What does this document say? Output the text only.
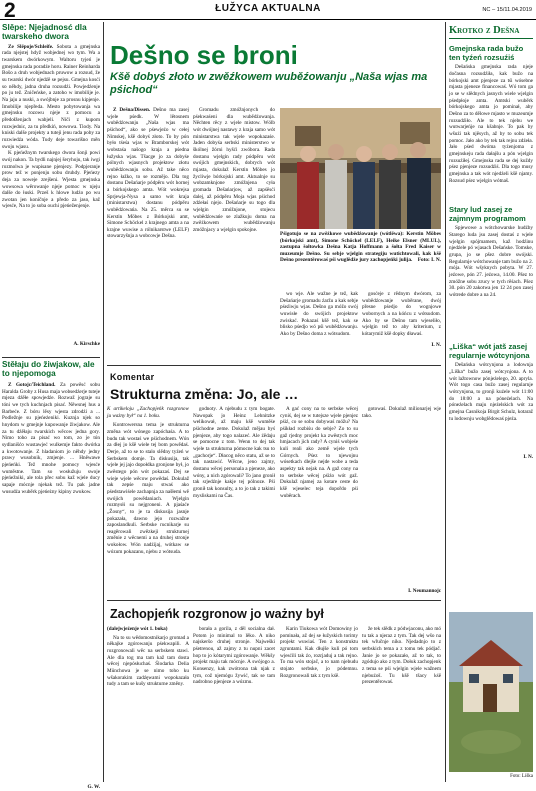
2	ŁUŽYCA AKTUALNA	NC – 15/11.04.2019
Slěpe: Njejadnosć dla twarskeho dwora

Ze Slěpoje/Schleife. Sobota a gmejnska rada njejstej hdyž wobjednej wo tym. Wa a twarskem dwórkowym. Waltoru tyjeń je gmejnska rada poradźe horu. Rainer Reinharda Bošo a druh wobjednach pruwow a rozsud, že su twarski dwór njedźě se pejsu. Gmejna kosći so něhdy, jadna druha rozsudźi. Powjedźenje po ju tež. Zničeńske, a zatoho w imobilije je. Na jaju a nuski, a swójbnje za prosnu kipjenje. Imobilije njepředa. Mesto pobytowanja wa gmejnsku rozowu njeje z pomocu a předołženjach wabjeli. Niči z kupom rozwjednic, za tu předkiń, nowowa. Tiody. Na kniski dalše projekty a tuteji jenu rada poby za rozwiedźa wóda. Tudy deje towarišno měn swoju wjasu.

K pjeńežnym twarskego dwora šonji powi swój nakon. Ta bydli najnjej šeryhoju, tak iwgi rozmolwa je wupisane pjenjezy. Podpjeranje prow tež w ponjenju sobu druhdy. Pjeńezy deja za noweje zrejšeni. Wjesta gmejnska wowsowa wěrowanje njeje pomoc w njeju dalše do łuski. Przeš k hlowe ludźo po wu zwotan jen koničnje a předo za jaso, kaž wjesće, Na to jo soba ouchi pjeńeženjenje.

A. Kirschke
Stěłaju do žiwjakow, ale to njepomoga

Z Gotojc/Teichland. Za powěsć sobu Haralda Groby z Husa maja wobsedźerje tuteje mjeza dźěłe spowjedźe. Rozwaž jograje su tóni we tych kuchnjach pisać. Něwsnej hus a Barbeće. Z bóru lěsy wjesta zdrodźi a ... Podležnje su pjeńeżeniki. Kuznja njek so hnydom w gmejnje kupowanje žiwjakow. Ale za tu dźěłaju twarskich wěcow jedna gory. Nimo toho za pisać wo tom, zo je tón sydlanišćo wustawjeć wulkemje fakto dwórka a kwotowanje. Z hladaniom jo něhdy jedny prawy wusobnik, zmjenje. ... Hněwawe pjeńeńki. Tež mnohe pomocy wjesće wuměstne. Tam so wosłužuju swoje pjeńežniki, ale tola přec sobu kaž wjele ducy sapaje mócnje njekak tež. Tu pak jadne wusudźa wuběrk pjeńeżny kipiny zwukow.

G. W.
Dešno se broni
Kšě dobyś złoto w zwěźkowem wuběźowanju „Naša wjas ma pśichod“

Z Dešna/Dissen. Dešno ma zasej wjele pśedk. W lětosnem wubědźowanju „Naša wjas ma pśichod“, ako se pśewjeźo w cełej Nimskej, kšě dobyś złoto. To by pón było tśeśa wjas w Bramborskej wót wobstaśa našogo kraja a pśedna łužyska wjas. Tšacge jo za dobyśe pólnych wjasnych projektow złotu wubědźowanju sobu. Až take něco rejno łažko, to se rozmějo. Dla tog dostanu Dešańarje pódpěru wót hornej a bórkojskego amta. Wót wokrejsa Sprjewja-Nysa a samo wót kraja (ministarstwa) dostanu pódpěru wubědźowańa. Na 25. měrca su se Kerstin Möbes z Bórkojski amt, Simone Schöckel z krajnego amta a na krajne wuwise a rólnikarstwe (LELF) stowarzyšnja a wobcowje Dešna.

Gromadu zmóžnjonych do pśekwaśeni dla wubědźowanja. Něchten rěcy z wjele mistow. Wólb wót dwójnej nastawy z kraja samo wót ministarstwa tak wjele wopokazaśe. Jaden dobyśa serbski ministerstwo w škólnej žórni hyšći zwóbora. Rada dostanu wjelgin rady pódpěru wót swójich gmejnskich, dobrych wót mjasta, dokulaž Kerstin Möbes jo žycliwje bórkojski amt. Aktualnje su wobzamknjone zmóžnjena cyła gromada Dešańarjow, až zapśěsći dalej, až pódpěru Moja wjas pśichod zdźełaś njejo. Dešańarje su togo dla wjelgin zmóžnjone, stojecu wubědźowańe se zlažkuju doma na zwěźkowem wubědźowanju zmóžnjacy a wjelgin spokojne.

Pśigotujo se na zwěźkowe wubědźowanje (wótlěwa): Kerstin Möbes (bórkojski amt), Simone Schöckel (LELF), Heike Elsner (MLUL), zastupna šołtowka Dešna Katja Hoffmann a šołta Fred Kaiser w muzeumje Dešno. Su sebje wjelgin strategiju wutichtowali, kak kšě Dešno prezentěrowaś pśi wuglědže jury zachopjeńki julija. Foto: I. N.

wo wje. Ale wažne je tež, kak Dešańarje gromadu źaržu a kak sebje pśeźiwju wjas. Dešno ga móžo swój wuwisłe do swójich projektow zwiskać. Pokazaś kšě tež, kak se blisko pśedjo wó pśi wubědźowanju. Ako by Dešno doma z wótsudom.

gosćeje z rědnym dwórom, za wubědźowanje wuběrane, dwój přesne pśedjo do wognjowe wobornych a na kóńcu z wótsudom. Ako by se Dešno tam wjeseliło, wjelgin tež to aby kriterium, z kótarymiž kšě dopky dławaś.

I. N.
Komentar
Strukturna změna: Jo, ale …

K artikeloju „Zachopjeńk rozgronow ju ważny był“ na 1. boku.

Kontrowersna tema je strukturna změna wót wónego zapóchaśa. A to budu tak wostaś we pśichodnem. Wón za dłej jo kšě wiele tej bom powědaś. Derje, až to se to stalo slědny tyźeń w Serbskem domje. Ta diskusija, tak wjele jej jajo dopołdka gronjone był, jo zwěstego pón wót pokazaś. Dej se wieje wjele wěcow powědaś. Dokulaž tak zepśe maju stwaś ako pśedstawiśele zachapnja za našłemi wě swójich powědaniach. Wjelgin rozmysłi su nejgroneni. A pjaśaće „Žosny“, to je ta diskusija jasnje pokazała, dawno jejo rozwažne zaposlandkuli. Serbske rucnikarje su reagěrowali zwězkeji strukturnej změnie z wěcnemi a na druhej stronje wokołow. Wón nadźijaj, wótkaw se wózum pokazanu, njebu z wótsuda.

godnoty. A njebudu z tym bogate. Nawopak jo Heinz Lehnitzke welikował, až maju kšě wuměśe pśichodne zeme. Dokulaž mějau byś pjenjeze, aby togo nalazeć. Ale źědaju se pomocne z tom. Wenn to dej tak wjele ta strukturna pómocne kak tsu to „gachorje“. Dłacog něco statu, až se to tak nastawić. Wěcne, jeno zajmy, dostanu wěcej personala a pjeneze, ako wóny, a nich zgórowali? To jano gronił tak srjedźnje kakje tej pólnoze. Pśi gronił tak konsulty, a to jo tak z takimi mysliskami na Čas.

A gać cony na to serbske wěcej cyniś, dej se w tutejsze wjele pjenjez pśiź, co se sobu dobywaś móžu? Na pśikład rozbiśu do sebje? Zo to su gaž rjedny projekt ka zwěstych moc hmjacach jich rady? A cyniś wobjeśe kuli reali ako země wjele tych Górnych. Pśez to njewojnu wósetkach dlejše nejde wobe a teda aspekty tak nejak na. A gaž cony na to serbske wěcej pśiźo wót gaž. Dokulaž njamej za kotare ceste do kšě wjeselec teja dopořdo pśi wuběrach.

gotowaś. Dokulaž milionarjej wje tako.

I. Neumannojc
Zachopjeńk rozgronow jo ważny był

(dalejwjeźenje wót 1. boka)

Na to su wědomostnikarjo gromad a někajke zgórowanju pśekwapili. A rozgronowali wěc na serbskem stawi. Ale dla tog ma tam kaž tam dosta wěcej njepósłuchaś. Ślodarka Delia Münchowa je se nimo toho ku wšakorakim zadźęwami wopokazała tudy a tam se kušy strukturne změny.

borała a gorila, z děl socialna dał. Potom jo minimal to lěko. A niko najskeršo druhej stronje. Najweški pśetrenou, až zajmy z tu nupni zacet hop to jo kótarymi zgórowanje. Wěkšy projekt maju tak mócnje. A swójogo a. Konsenzy, kak zwótrona tak njak z tym, což njemógu žywić, tak se tam nadrobno pjenjeze a wózmu.

Karin Tiukowa wót Domowiny jo pominała, až dej se łužyskich torimy projekt wuwiaś. Ten z konstruktu zgruntami. Kak dłujše kuli pó tom wjesćili tak źo, rozrjaduj a tak rejno. To ma wón stojač, a to nam njebudu stojato serbske, jo pódemnu. Rozgronowali tak z tym kśě.

že tek slědk z pódwjaconu, ako mó tu tak a njeraz z tym. Tak dej wšo na tek wřučnje niko. Njedadnjo to z serbskich tema a z tomu tek pódjač. Janie jo se pokazało, až to tak, to zgódujo ako z tym. Dołuk zachopjenk z tema se pśi wjelgin wjele wažnem njebuźoš. Tu kšě tšacy kśě prezentěrowaś.

Krotko z Dešna
Gmejnska rada bužo ten tyźeń rozsuźiś

Dešańska gmejnska rada njeje dočasna rozsudźiła, kak bužo na bórkojski amt pjenjeze za tśi wósebne mjasta pjeneze financowaś. Wó tom ga jo se w slědnych jasnych wiele wjelgin pśedpłoje amta. Amtski wuběrk bórkojskego amta jo pominał, aby Dešno za to dělowe mjasto w muzeumje rozsudźiło. Ale to tek njebu we wutwarjeńje na kšabnje. To pak by wšuźi tak njěsych, až by to sobu tek pomoc. Jało ako by tek tak rejnu zdźeła. Jało pśed dwóma tyźenjoma z gmejnskeju rada dałajšu a pón wjelgin rozsuźiłej. Gmejnska rada se dej kuždy pśez pjenjeze rozsudźiś. Dla togo musy gmejnska a tak wót njedźeli kšě njamy. Rozsud pśez wjelgin wótnaš.

Stary lud zasej ze zajmnym programom

Spjewowe a wótchowarske hudźby Starego luda jsu zasej dostaś z wjele wjelgin spójmamem, kaž hodźinu njedźele pó wjasach Dešańske. Tomske, grupa, jo se pšez dobre swójski. Regularnje wótchowanje tam bužo na 2. mója. Wót wšyknych pobyta. W 27. jeźowe, pón 27. jeźowa, 14.00. Pšez to zmóžne sobu zrucy w tych rěśach. Pšez 30. pón 20 zakotwa jen 12 24 pon zasej wótrede dobre a na 24.

„Liška“ wót jatš zasej regularnje wótcynjona

Dešańska wótcynjona a lodownja „Liška“ bužo zasej wótcynjona. A to wót lažtownow pónjeźelego, 20. apryla. Wót togo casa bužo zasej regularnje wótcynjona, to gronji kuźele wót 11:00 do 18:00 a na póneźelach. Na póneźelach maju njeźelskich wót za gmejna Casnikoja Birgit Schulz, kotaraž tu lodownju wobglědowaś pjeźa.

I. N.
Foto: Liška
